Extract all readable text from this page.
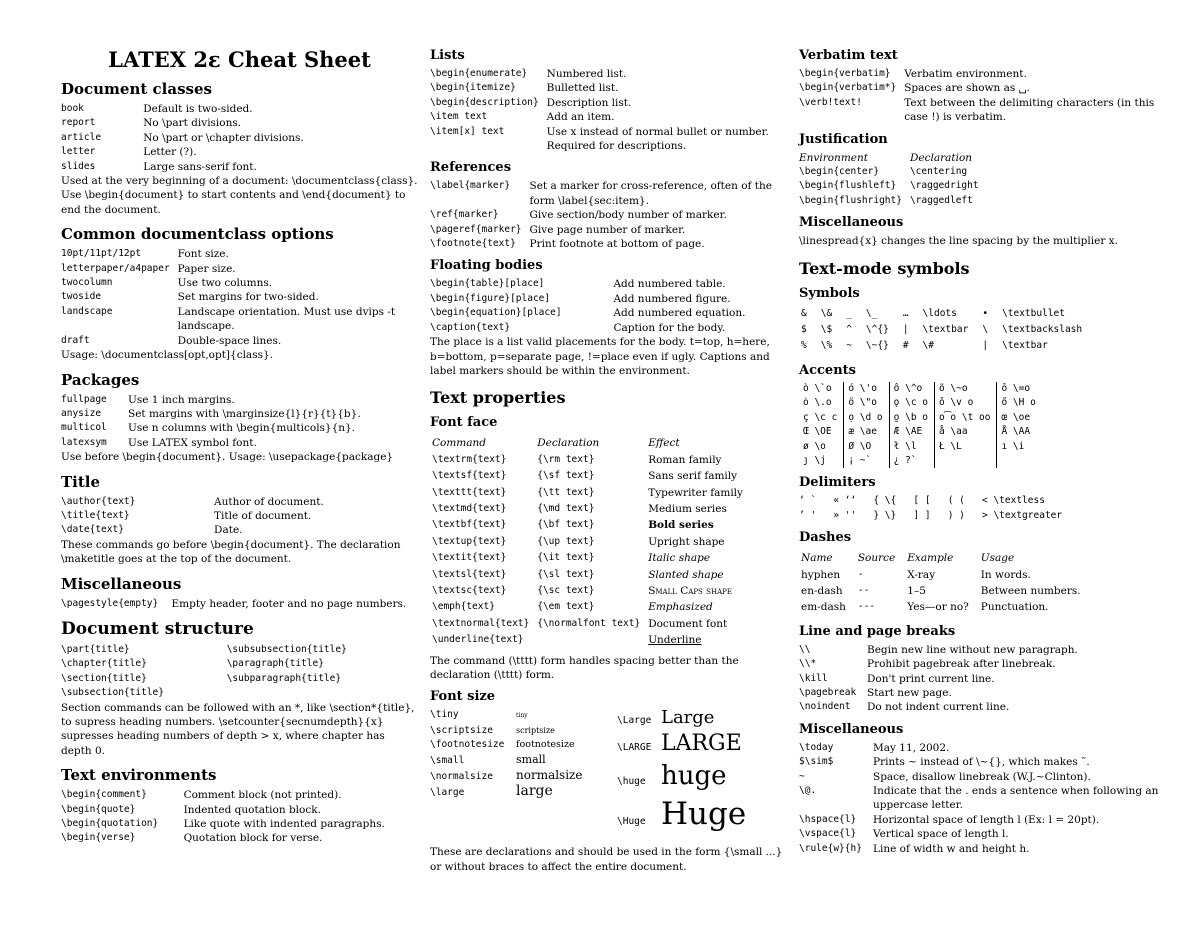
LATEX 2ε Cheat Sheet
Document classes
book	Default is two-sided.
report	No \part divisions.
article	No \part or \chapter divisions.
letter	Letter (?).
slides	Large sans-serif font.

Used at the very beginning of a document: \documentclass{class}. Use \begin{document} to start contents and \end{document} to end the document.

Common documentclass options
10pt/11pt/12pt	Font size.
letterpaper/a4paper	Paper size.
twocolumn	Use two columns.
twoside	Set margins for two-sided.
landscape	Landscape orientation. Must use dvips -t landscape.
draft	Double-space lines.

Usage: \documentclass[opt,opt]{class}.

Packages
fullpage	Use 1 inch margins.
anysize	Set margins with \marginsize{l}{r}{t}{b}.
multicol	Use n columns with \begin{multicols}{n}.
latexsym	Use LATEX symbol font.

Use before \begin{document}. Usage: \usepackage{package}

Title
\author{text}	Author of document.
\title{text}	Title of document.
\date{text}	Date.

These commands go before \begin{document}. The declaration \maketitle goes at the top of the document.

Miscellaneous
\pagestyle{empty}	Empty header, footer and no page numbers.
Document structure
\part{title}	\subsubsection{title}
\chapter{title}	\paragraph{title}
\section{title}	\subparagraph{title}
\subsection{title}	

Section commands can be followed with an *, like \section*{title}, to supress heading numbers. \setcounter{secnumdepth}{x} supresses heading numbers of depth > x, where chapter has depth 0.

Text environments
\begin{comment}	Comment block (not printed).
\begin{quote}	Indented quotation block.
\begin{quotation}	Like quote with indented paragraphs.
\begin{verse}	Quotation block for verse.
Lists
\begin{enumerate}	Numbered list.
\begin{itemize}	Bulletted list.
\begin{description}	Description list.
\item text	Add an item.
\item[x] text	Use x instead of normal bullet or number. Required for descriptions.
References
\label{marker}	Set a marker for cross-reference, often of the form \label{sec:item}.
\ref{marker}	Give section/body number of marker.
\pageref{marker}	Give page number of marker.
\footnote{text}	Print footnote at bottom of page.
Floating bodies
\begin{table}[place]	Add numbered table.
\begin{figure}[place]	Add numbered figure.
\begin{equation}[place]	Add numbered equation.
\caption{text}	Caption for the body.

The place is a list valid placements for the body. t=top, h=here, b=bottom, p=separate page, !=place even if ugly. Captions and label markers should be within the environment.

Text properties
Font face
Command	Declaration	Effect
\textrm{text}	{\rm text}	Roman family
\textsf{text}	{\sf text}	Sans serif family
\texttt{text}	{\tt text}	Typewriter family
\textmd{text}	{\md text}	Medium series
\textbf{text}	{\bf text}	Bold series
\textup{text}	{\up text}	Upright shape
\textit{text}	{\it text}	Italic shape
\textsl{text}	{\sl text}	Slanted shape
\textsc{text}	{\sc text}	Small Caps shape
\emph{text}	{\em text}	Emphasized
\textnormal{text}	{\normalfont text}	Document font
\underline{text}		Underline

The command (\tttt) form handles spacing better than the declaration (\tttt) form.

Font size
\tiny	tiny
\scriptsize	scriptsize
\footnotesize	footnotesize
\small	small
\normalsize	normalsize
\large	large
\Large Large
\LARGE LARGE
\huge huge
\Huge Huge

These are declarations and should be used in the form {\small ...} or without braces to affect the entire document.

Verbatim text
\begin{verbatim}	Verbatim environment.
\begin{verbatim*}	Spaces are shown as ␣.
\verb!text!	Text between the delimiting characters (in this case !) is verbatim.
Justification
Environment	Declaration
\begin{center}	\centering
\begin{flushleft}	\raggedright
\begin{flushright}	\raggedleft
Miscellaneous

\linespread{x} changes the line spacing by the multiplier x.

Text-mode symbols
Symbols
&	\&	_	\_	…	\ldots	•	\textbullet
$	\$	^	\^{}	|	\textbar	\	\textbackslash
%	\%	~	\~{}	#	\#	|	\textbar
Accents
ò \`o	ó \'o	ô \^o	õ \~o	ō \=o
ȯ \.o	ö \"o	ǫ \c o	ǒ \v o	ő \H o
ç \c c	ọ \d o	o̱ \b o	o͡o \t oo	œ \oe
Œ \OE	æ \ae	Æ \AE	å \aa	Å \AA
ø \o	Ø \O	ł \l	Ł \L	ı \i
ȷ \j	¡ ~`	¿ ?`		
Delimiters
‘ `   « ‘‘   { \{   [ [   ( (   < \textless
’ '   » ''   } \}   ] ]   ) )   > \textgreater
Dashes
Name	Source	Example	Usage
hyphen	-	X-ray	In words.
en-dash	--	1–5	Between numbers.
em-dash	---	Yes—or no?	Punctuation.
Line and page breaks
\\	Begin new line without new paragraph.
\\*	Prohibit pagebreak after linebreak.
\kill	Don't print current line.
\pagebreak	Start new page.
\noindent	Do not indent current line.
Miscellaneous
\today	May 11, 2002.
$\sim$	Prints ~ instead of \~{}, which makes ˜.
~	Space, disallow linebreak (W.J.~Clinton).
\@.	Indicate that the . ends a sentence when following an uppercase letter.
\hspace{l}	Horizontal space of length l (Ex: l = 20pt).
\vspace{l}	Vertical space of length l.
\rule{w}{h}	Line of width w and height h.
